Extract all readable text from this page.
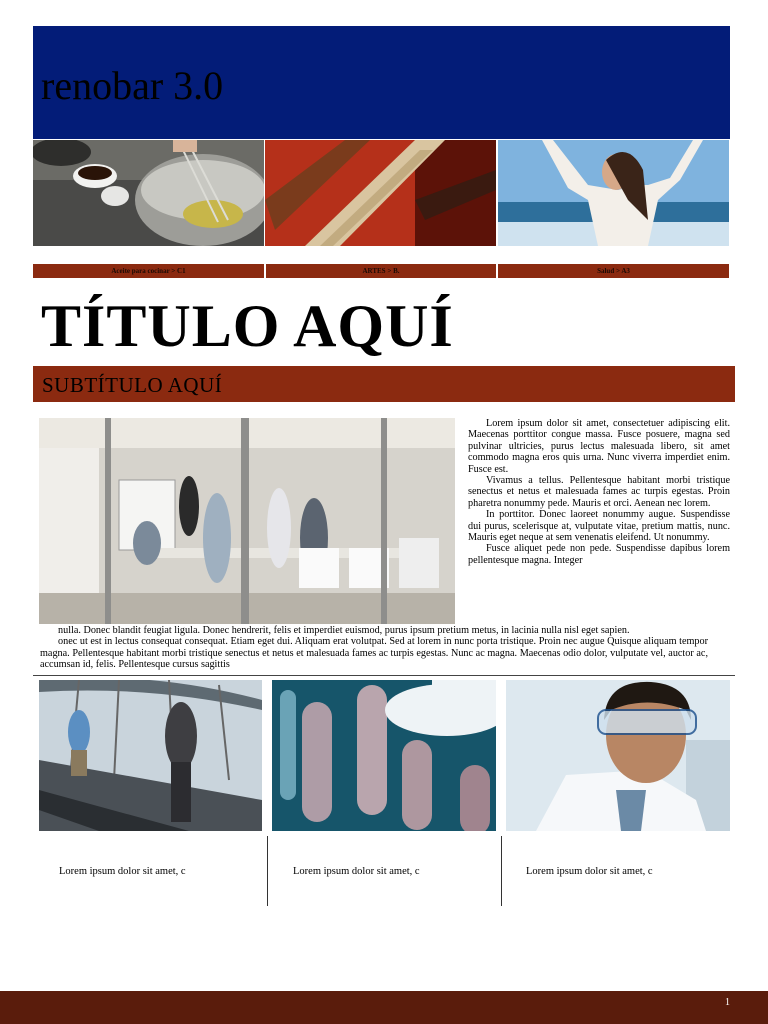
renobar 3.0
Aceite para cocinar > C1	ARTES > B.	Salud > A3
TÍTULO AQUÍ
SUBTÍTULO AQUÍ

Lorem ipsum dolor sit amet, consectetuer adipiscing elit. Maecenas porttitor congue massa. Fusce posuere, magna sed pulvinar ultricies, purus lectus malesuada libero, sit amet commodo magna eros quis urna. Nunc viverra imperdiet enim. Fusce est.

Vivamus a tellus. Pellentesque habitant morbi tristique senectus et netus et malesuada fames ac turpis egestas. Proin pharetra nonummy pede. Mauris et orci. Aenean nec lorem.

In porttitor. Donec laoreet nonummy augue. Suspendisse dui purus, scelerisque at, vulputate vitae, pretium mattis, nunc. Mauris eget neque at sem venenatis eleifend. Ut nonummy.

Fusce aliquet pede non pede. Suspendisse dapibus lorem pellentesque magna. Integer

nulla. Donec blandit feugiat ligula. Donec hendrerit, felis et imperdiet euismod, purus ipsum pretium metus, in lacinia nulla nisl eget sapien.

onec ut est in lectus consequat consequat. Etiam eget dui. Aliquam erat volutpat. Sed at lorem in nunc porta tristique. Proin nec augue Quisque aliquam tempor magna. Pellentesque habitant morbi tristique senectus et netus et malesuada fames ac turpis egestas. Nunc ac magna. Maecenas odio dolor, vulputate vel, auctor ac, accumsan id, felis. Pellentesque cursus sagittis

Lorem ipsum dolor sit amet, c	Lorem ipsum dolor sit amet, c	Lorem ipsum dolor sit amet, c
1
